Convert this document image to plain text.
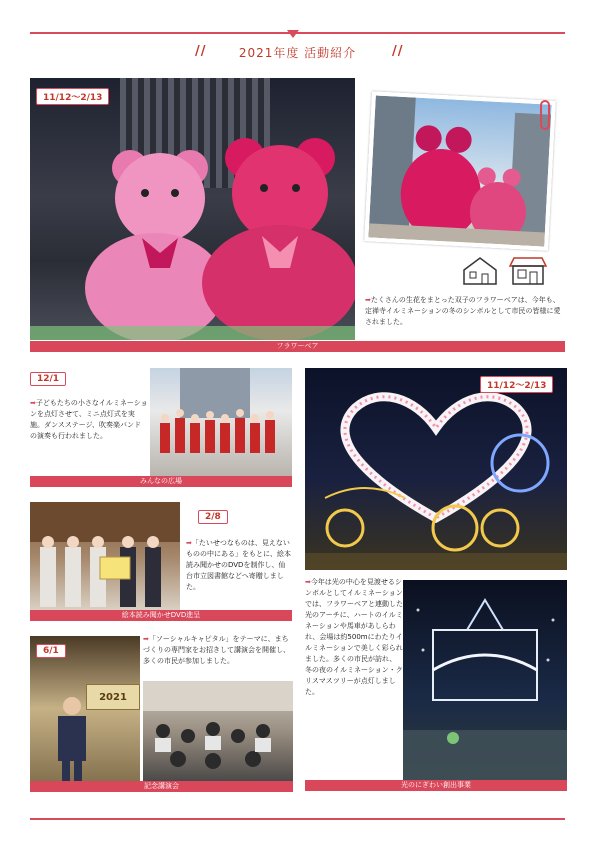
//	2021年度 活動紹介	//
11/12～2/13
フラワーベア
➡たくさんの生花をまとった双子のフラワーベアは、今年も、定禅寺イルミネーションの冬のシンボルとして市民の皆様に愛されました。
12/1
➡子どもたちの小さなイルミネーションを点灯させて、ミニ点灯式を実施。ダンスステージ、吹奏楽バンドの演奏も行われました。
みんなの広場
11/12～2/13
➡今年は光の中心を見渡せるシンボルとしてイルミネーションでは、フラワーベアと連動した光のアーチに、ハートのイルミネーションや馬車があしらわれ、会場は約500mにわたりイルミネーションで美しく彩られました。多くの市民が訪れ、冬の夜のイルミネーション・クリスマスツリーが点灯しました。
光のにぎわい創出事業
絵本読み聞かせDVD進呈
2/8
➡「たいせつなものは、見えないものの中にある」をもとに、絵本読み聞かせのDVDを制作し、仙台市立図書館などへ寄贈しました。
2021
6/1
➡「ソーシャルキャピタル」をテーマに、まちづくりの専門家をお招きして講演会を開催し、多くの市民が参加しました。
記念講演会
